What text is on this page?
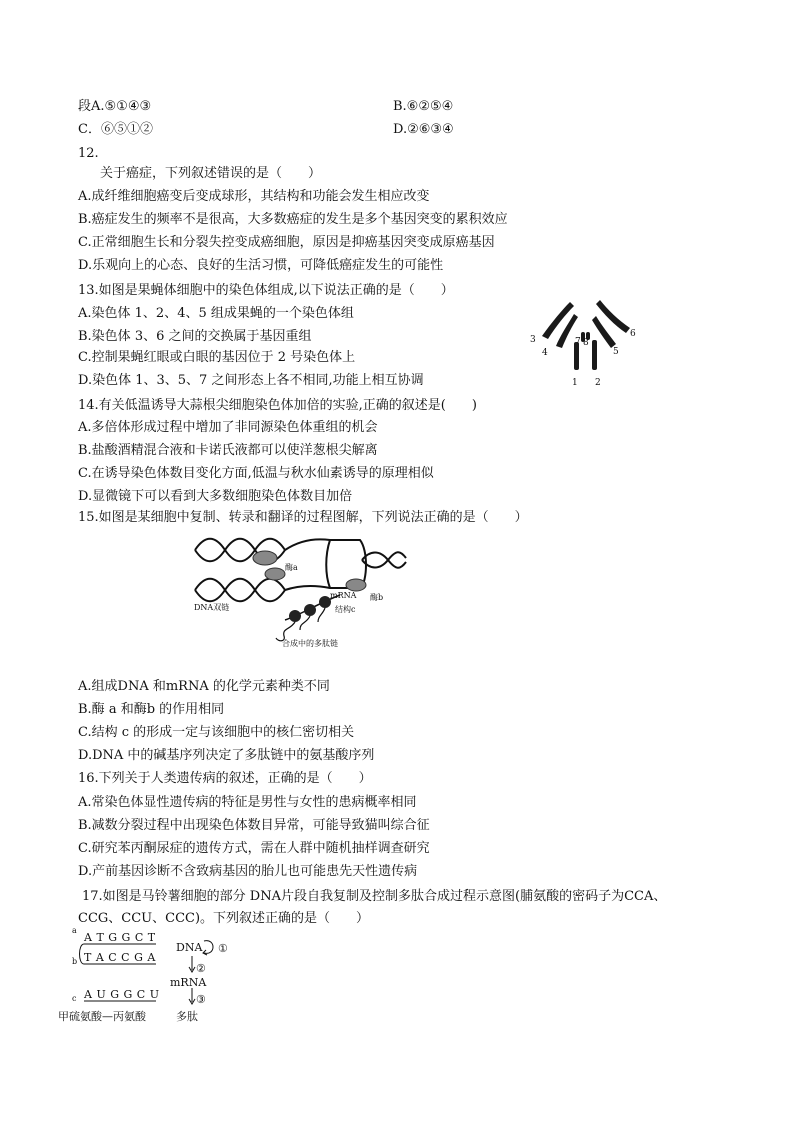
段A.⑤①④③	B.⑥②⑤④
C．⑥⑤①②	D.②⑥③④
12.
关于癌症，下列叙述错误的是（　　）
A.成纤维细胞癌变后变成球形，其结构和功能会发生相应改变
B.癌症发生的频率不是很高，大多数癌症的发生是多个基因突变的累积效应
C.正常细胞生长和分裂失控变成癌细胞，原因是抑癌基因突变成原癌基因
D.乐观向上的心态、良好的生活习惯，可降低癌症发生的可能性
13.如图是果蝇体细胞中的染色体组成,以下说法正确的是（　　）
A.染色体 1、2、4、5 组成果蝇的一个染色体组
B.染色体 3、6 之间的交换属于基因重组
C.控制果蝇红眼或白眼的基因位于 2 号染色体上
D.染色体 1、3、5、7 之间形态上各不相同,功能上相互协调	1 2
3
4	5
6
7 8
14.有关低温诱导大蒜根尖细胞染色体加倍的实验,正确的叙述是(　　)
A.多倍体形成过程中增加了非同源染色体重组的机会
B.盐酸酒精混合液和卡诺氏液都可以使洋葱根尖解离
C.在诱导染色体数目变化方面,低温与秋水仙素诱导的原理相似
D.显微镜下可以看到大多数细胞染色体数目加倍
15.如图是某细胞中复制、转录和翻译的过程图解，下列说法正确的是（　　）
酶a
酶b
DNA双链
mRNA
结构c
合成中的多肽链
A.组成DNA 和mRNA 的化学元素种类不同
B.酶 a 和酶b 的作用相同
C.结构 c 的形成一定与该细胞中的核仁密切相关
D.DNA 中的碱基序列决定了多肽链中的氨基酸序列
16.下列关于人类遗传病的叙述，正确的是（　　）
A.常染色体显性遗传病的特征是男性与女性的患病概率相同
B.减数分裂过程中出现染色体数目异常，可能导致猫叫综合征
C.研究苯丙酮尿症的遗传方式，需在人群中随机抽样调查研究
D.产前基因诊断不含致病基因的胎儿也可能患先天性遗传病
17.如图是马铃薯细胞的部分 DNA片段自我复制及控制多肽合成过程示意图(脯氨酸的密码子为CCA、
CCG、CCU、CCC)。下列叙述正确的是（　　）
a
b
c
A T G G C T
T A C C G A
A U G G C U
DNA
mRNA
多肽
①
②
③
甲硫氨酸—丙氨酸
